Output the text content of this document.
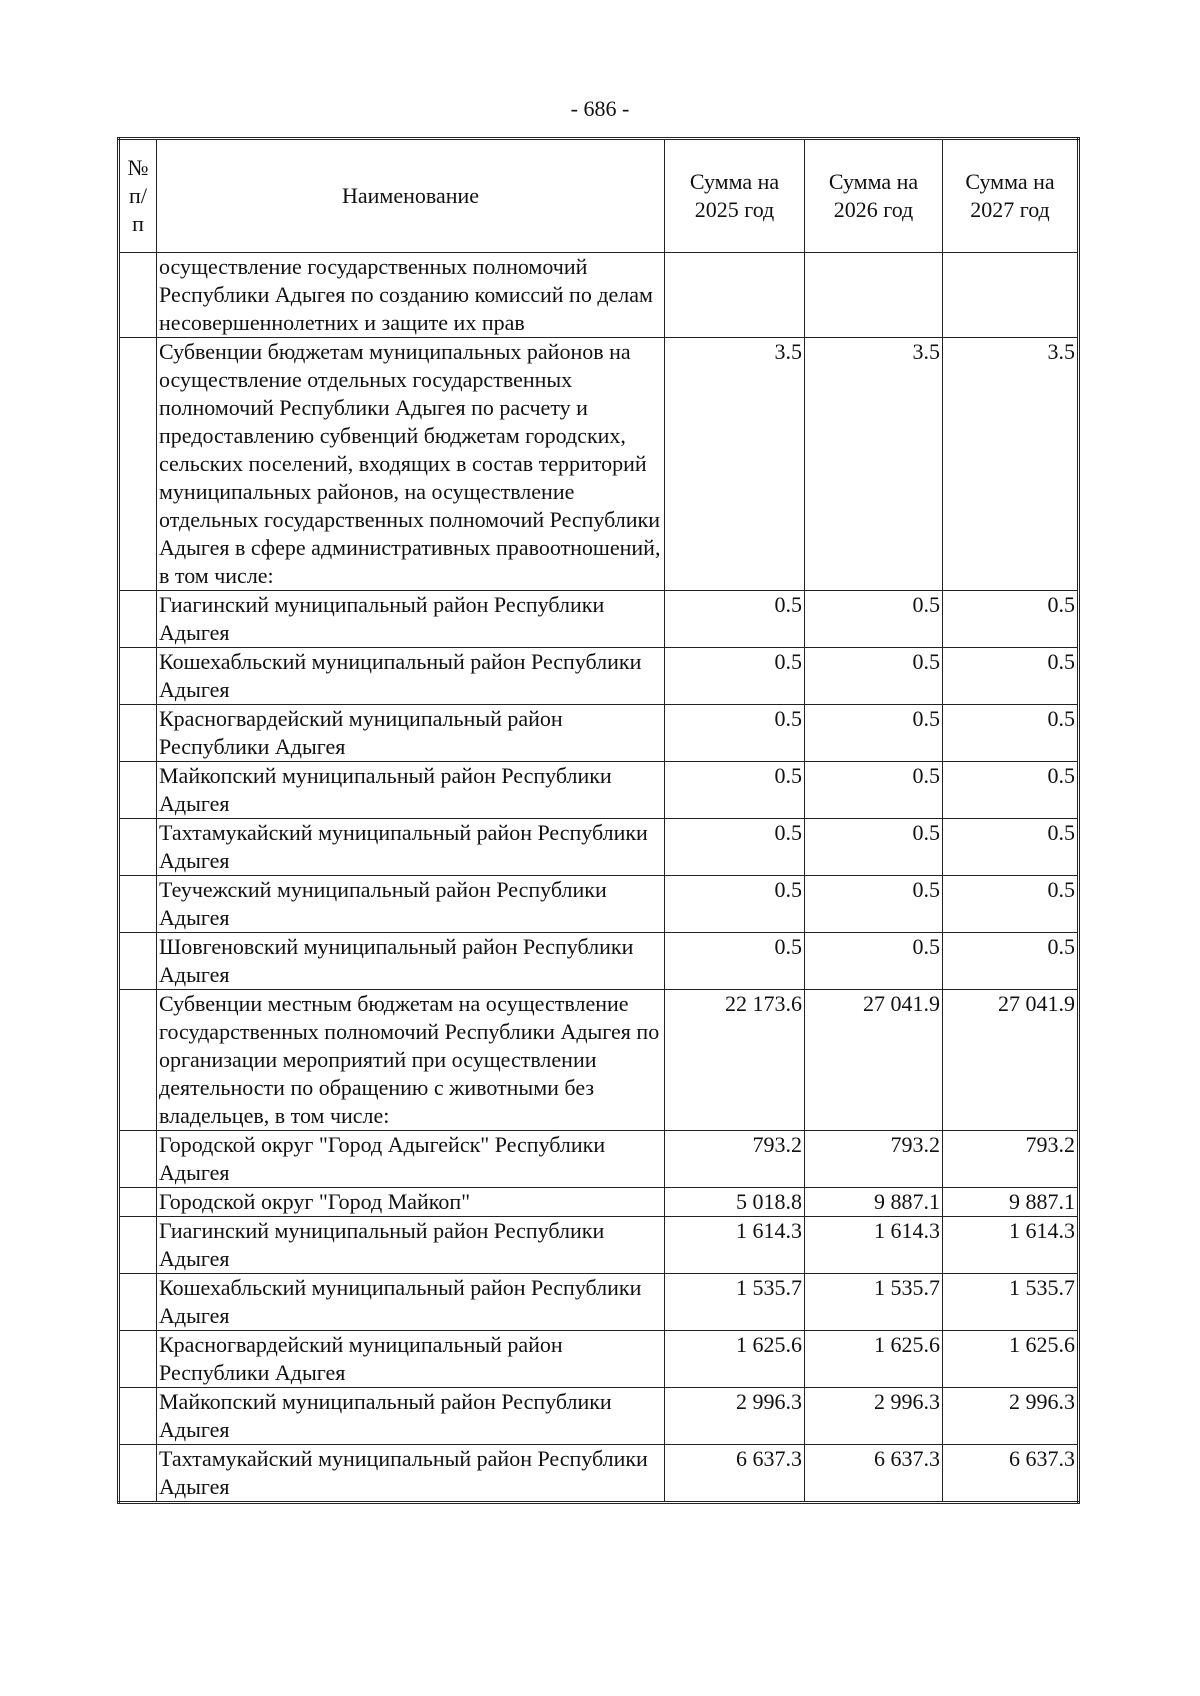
- 686 -
№ п/п	Наименование	Сумма на 2025 год	Сумма на 2026 год	Сумма на 2027 год
	осуществление государственных полномочий Республики Адыгея по созданию комиссий по делам несовершеннолетних и защите их прав			
	Субвенции бюджетам муниципальных районов на осуществление отдельных государственных полномочий Республики Адыгея по расчету и предоставлению субвенций бюджетам городских, сельских поселений, входящих в состав территорий муниципальных районов, на осуществление отдельных государственных полномочий Республики Адыгея в сфере административных правоотношений, в том числе:	3.5	3.5	3.5
	Гиагинский муниципальный район Республики Адыгея	0.5	0.5	0.5
	Кошехабльский муниципальный район Республики Адыгея	0.5	0.5	0.5
	Красногвардейский муниципальный район Республики Адыгея	0.5	0.5	0.5
	Майкопский муниципальный район Республики Адыгея	0.5	0.5	0.5
	Тахтамукайский муниципальный район Республики Адыгея	0.5	0.5	0.5
	Теучежский муниципальный район Республики Адыгея	0.5	0.5	0.5
	Шовгеновский муниципальный район Республики Адыгея	0.5	0.5	0.5
	Субвенции местным бюджетам на осуществление государственных полномочий Республики Адыгея по организации мероприятий при осуществлении деятельности по обращению с животными без владельцев, в том числе:	22 173.6	27 041.9	27 041.9
	Городской округ "Город Адыгейск" Республики Адыгея	793.2	793.2	793.2
	Городской округ "Город Майкоп"	5 018.8	9 887.1	9 887.1
	Гиагинский муниципальный район Республики Адыгея	1 614.3	1 614.3	1 614.3
	Кошехабльский муниципальный район Республики Адыгея	1 535.7	1 535.7	1 535.7
	Красногвардейский муниципальный район Республики Адыгея	1 625.6	1 625.6	1 625.6
	Майкопский муниципальный район Республики Адыгея	2 996.3	2 996.3	2 996.3
	Тахтамукайский муниципальный район Республики Адыгея	6 637.3	6 637.3	6 637.3
